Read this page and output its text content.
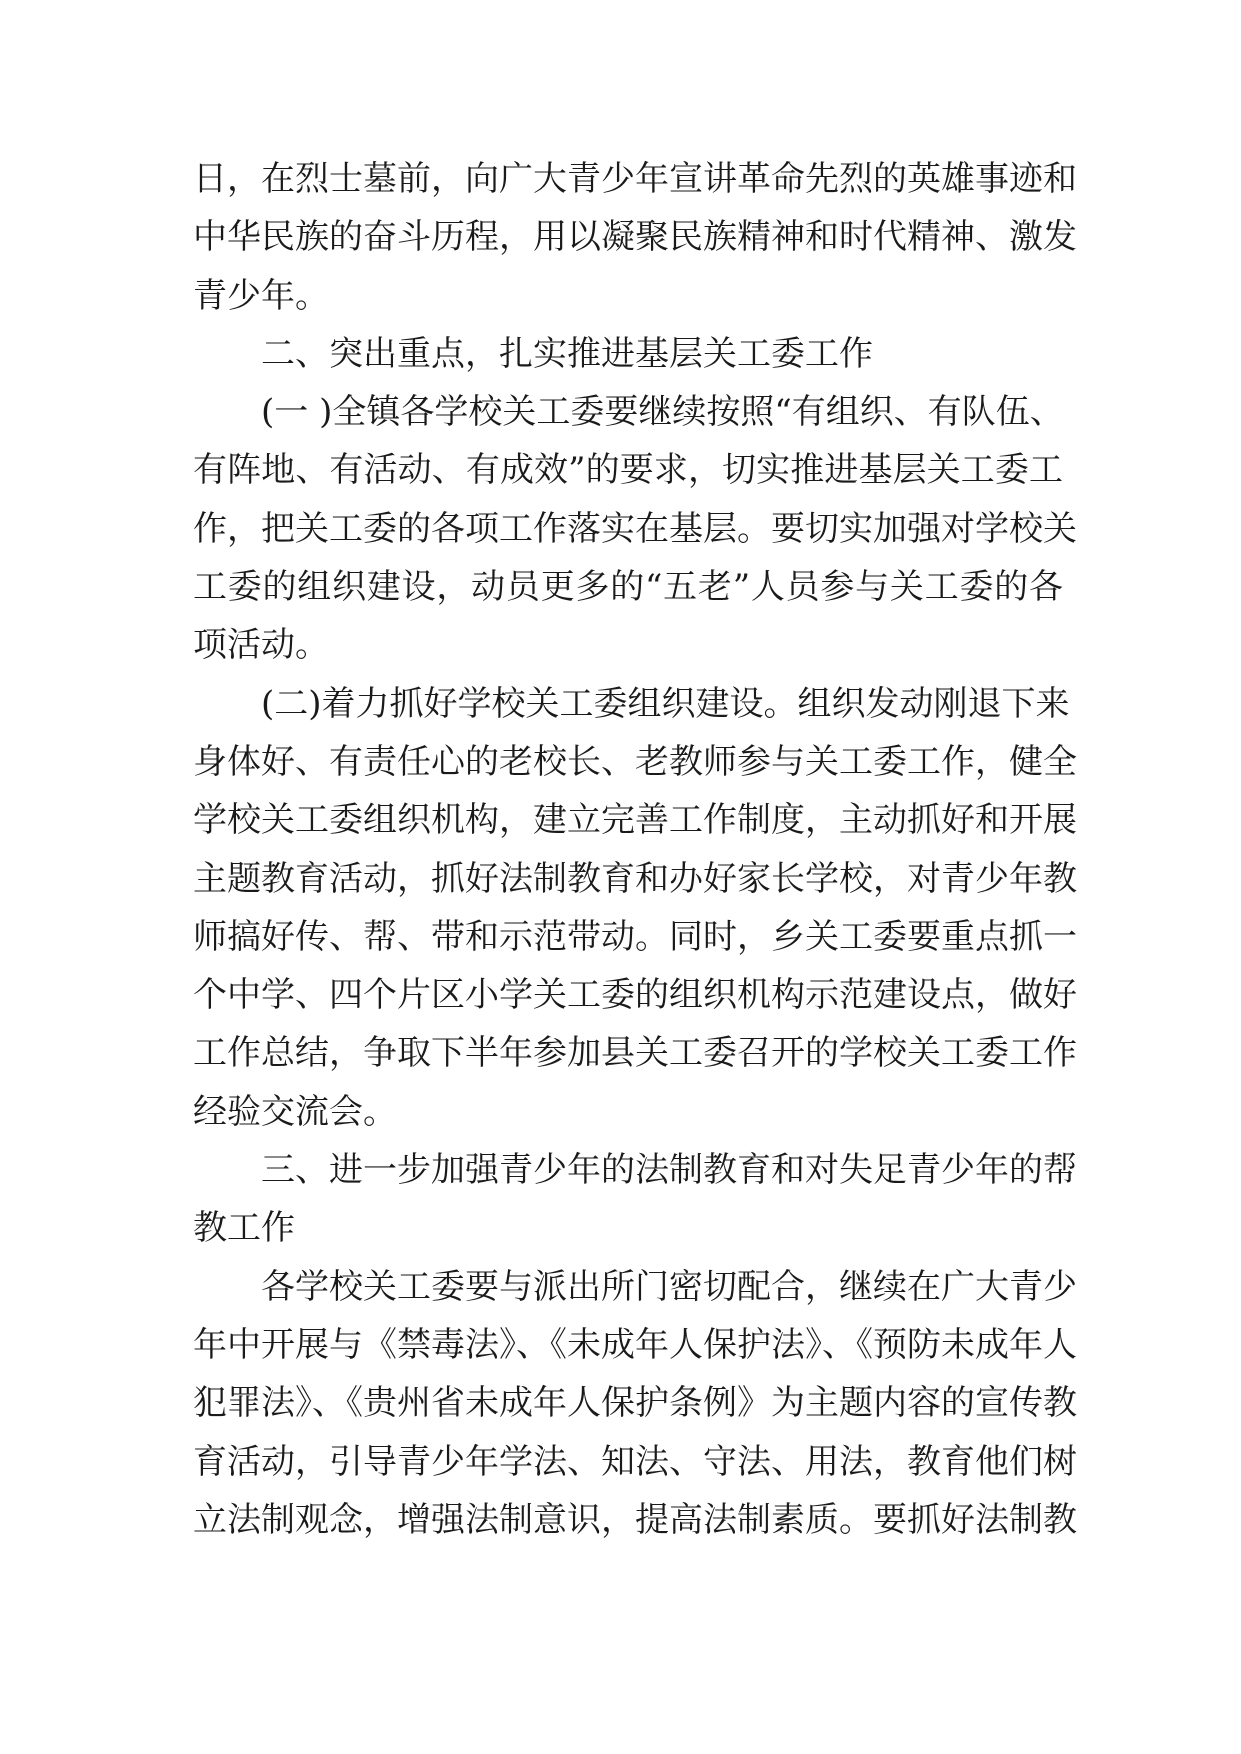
日，在烈士墓前，向广大青少年宣讲革命先烈的英雄事迹和
中华民族的奋斗历程，用以凝聚民族精神和时代精神、激发
青少年。
二、突出重点，扎实推进基层关工委工作
(一 )全镇各学校关工委要继续按照“有组织、有队伍、
有阵地、有活动、有成效”的要求，切实推进基层关工委工
作，把关工委的各项工作落实在基层。要切实加强对学校关
工委的组织建设，动员更多的“五老”人员参与关工委的各
项活动。
(二)着力抓好学校关工委组织建设。组织发动刚退下来
身体好、有责任心的老校长、老教师参与关工委工作，健全
学校关工委组织机构，建立完善工作制度，主动抓好和开展
主题教育活动，抓好法制教育和办好家长学校，对青少年教
师搞好传、帮、带和示范带动。同时，乡关工委要重点抓一
个中学、四个片区小学关工委的组织机构示范建设点，做好
工作总结，争取下半年参加县关工委召开的学校关工委工作
经验交流会。
三、进一步加强青少年的法制教育和对失足青少年的帮
教工作
各学校关工委要与派出所门密切配合，继续在广大青少
年中开展与《禁毒法》、《未成年人保护法》、《预防未成年人
犯罪法》、《贵州省未成年人保护条例》为主题内容的宣传教
育活动，引导青少年学法、知法、守法、用法，教育他们树
立法制观念，增强法制意识，提高法制素质。要抓好法制教
